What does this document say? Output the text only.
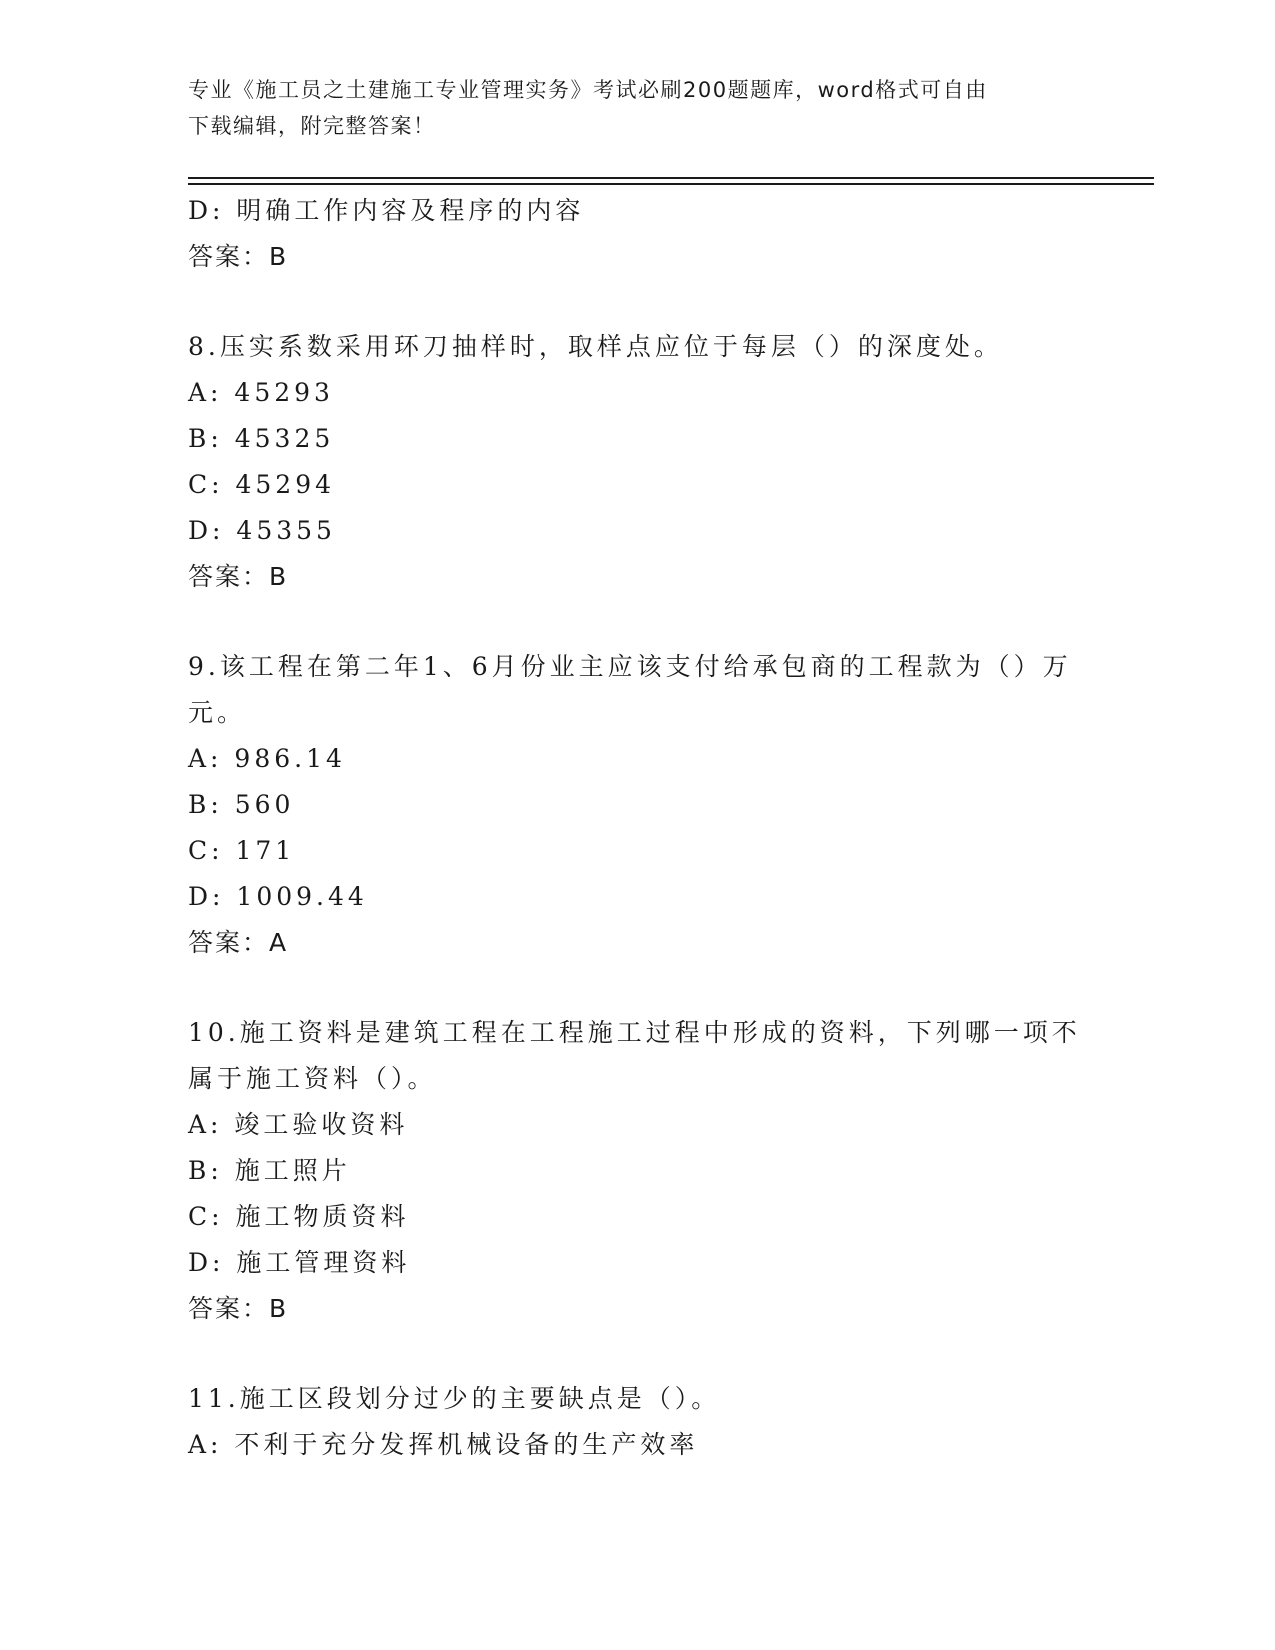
专业《施工员之土建施工专业管理实务》考试必刷200题题库，word格式可自由
下载编辑，附完整答案！
D: 明确工作内容及程序的内容
答案：B
8.压实系数采用环刀抽样时，取样点应位于每层（）的深度处。
A: 45293
B: 45325
C: 45294
D: 45355
答案：B
9.该工程在第二年1、6月份业主应该支付给承包商的工程款为（）万
元。
A: 986.14
B: 560
C: 171
D: 1009.44
答案：A
10.施工资料是建筑工程在工程施工过程中形成的资料，下列哪一项不
属于施工资料（）。
A: 竣工验收资料
B: 施工照片
C: 施工物质资料
D: 施工管理资料
答案：B
11.施工区段划分过少的主要缺点是（）。
A: 不利于充分发挥机械设备的生产效率
